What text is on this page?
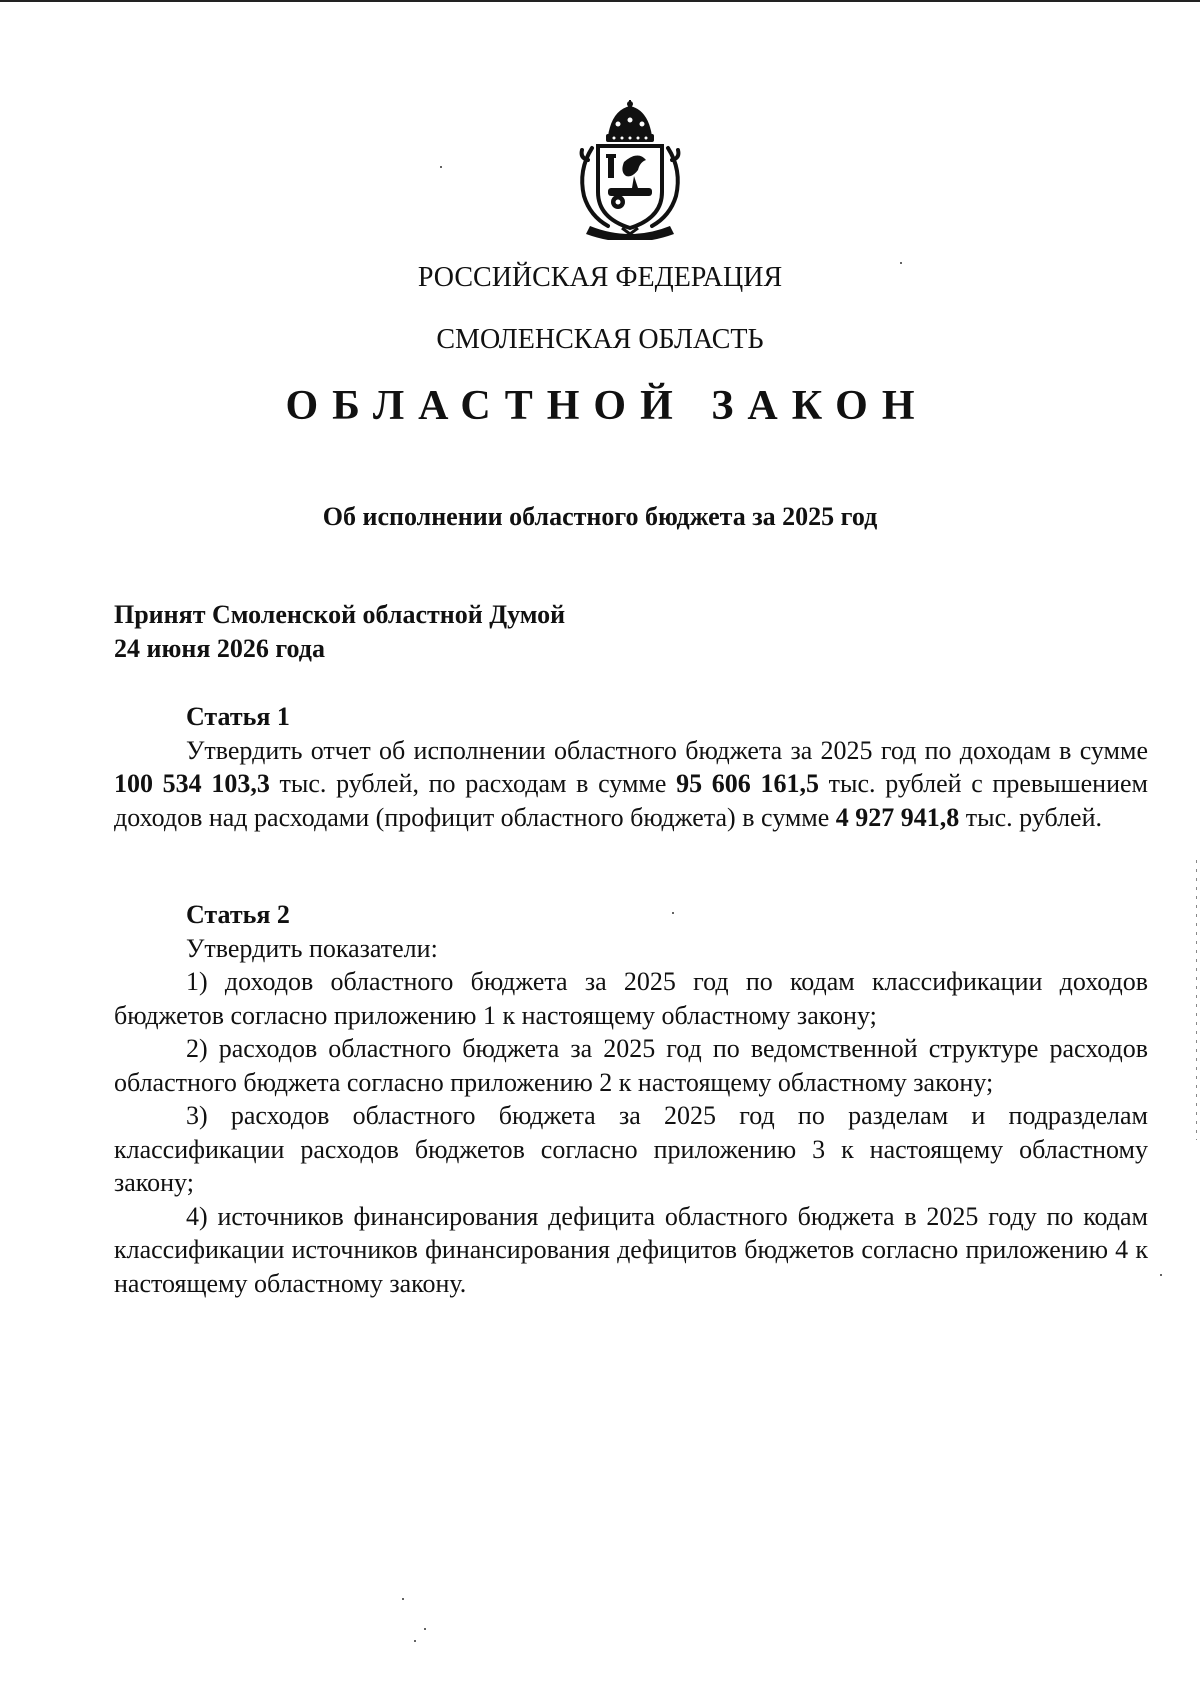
РОССИЙСКАЯ ФЕДЕРАЦИЯ
СМОЛЕНСКАЯ ОБЛАСТЬ
ОБЛАСТНОЙ ЗАКОН
Об исполнении областного бюджета за 2025 год
Принят Смоленской областной Думой
24 июня 2026 года
Статья 1

Утвердить отчет об исполнении областного бюджета за 2025 год по доходам в сумме 100 534 103,3 тыс. рублей, по расходам в сумме 95 606 161,5 тыс. рублей с превышением доходов над расходами (профицит областного бюджета) в сумме 4 927 941,8 тыс. рублей.

Статья 2
Утвердить показатели:

1) доходов областного бюджета за 2025 год по кодам классификации доходов бюджетов согласно приложению 1 к настоящему областному закону;

2) расходов областного бюджета за 2025 год по ведомственной структуре расходов областного бюджета согласно приложению 2 к настоящему областному закону;

3) расходов областного бюджета за 2025 год по разделам и подразделам классификации расходов бюджетов согласно приложению 3 к настоящему областному закону;

4) источников финансирования дефицита областного бюджета в 2025 году по кодам классификации источников финансирования дефицитов бюджетов согласно приложению 4 к настоящему областному закону.
